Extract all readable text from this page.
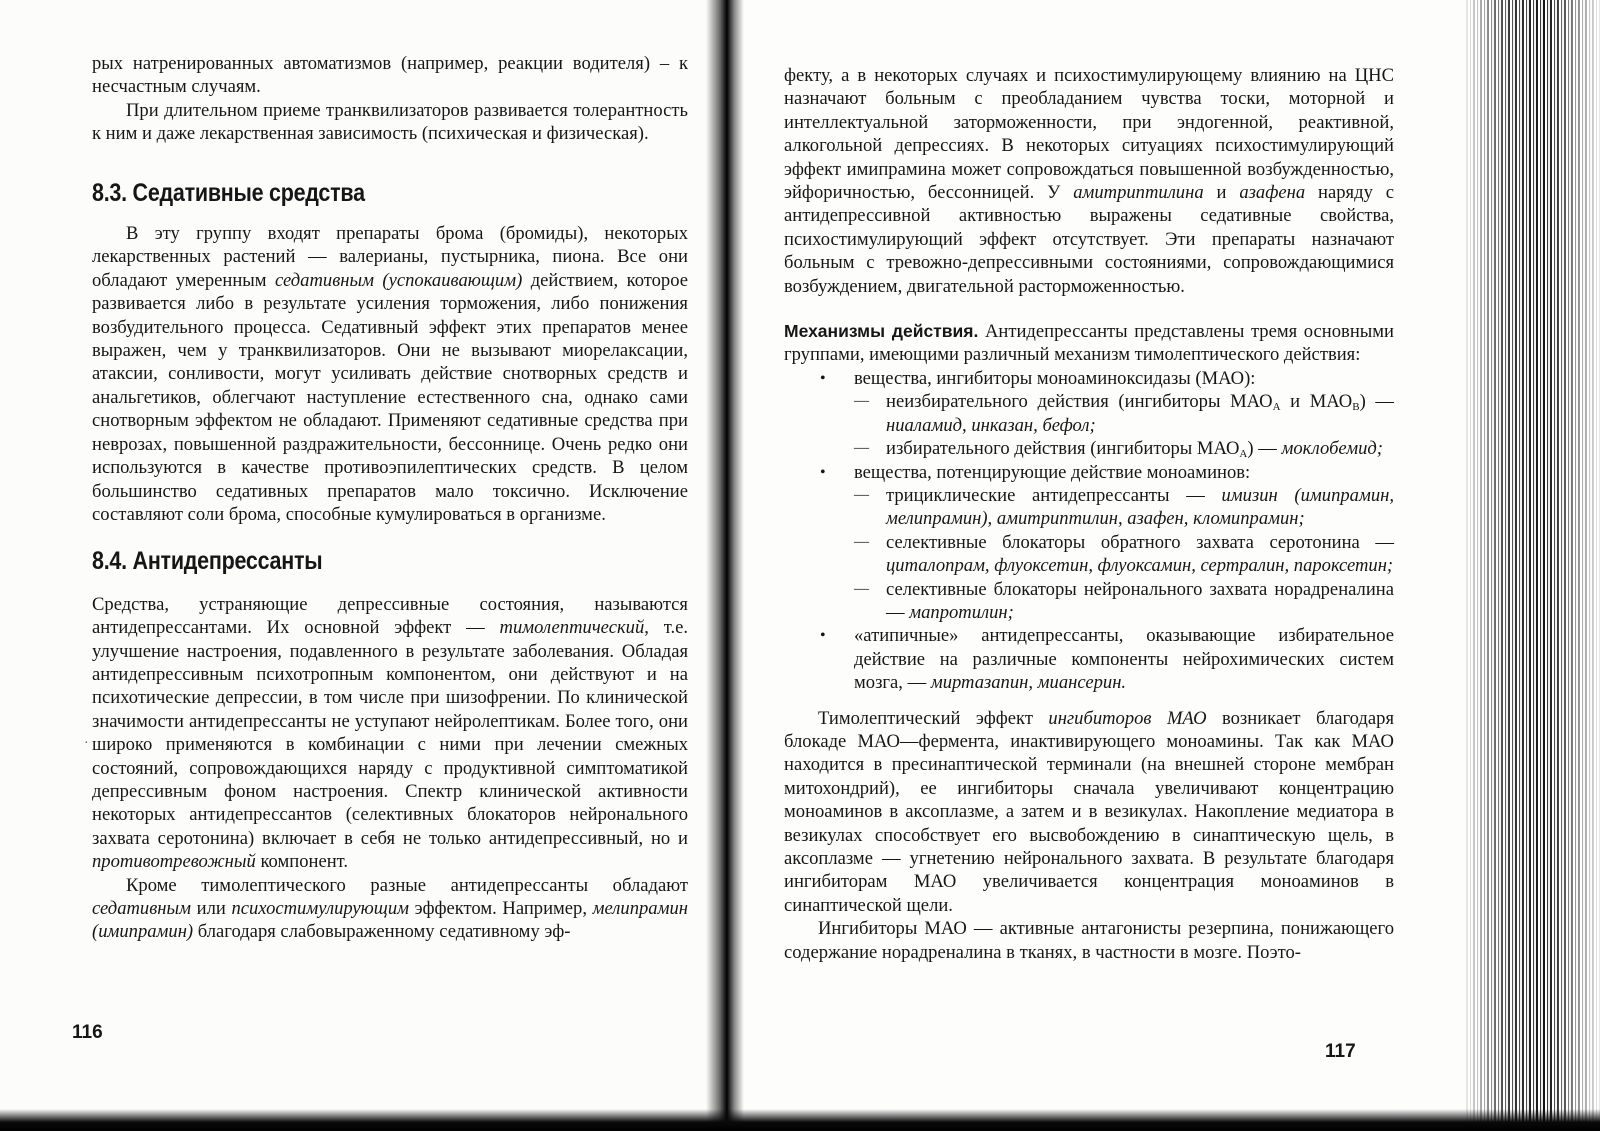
рых натренированных автоматизмов (например, реакции водителя) – к несчастным случаям.

При длительном приеме транквилизаторов развивается толерантность к ним и даже лекарственная зависимость (психическая и физическая).

8.3. Седативные средства

В эту группу входят препараты брома (бромиды), некоторых лекарственных растений — валерианы, пустырника, пиона. Все они обладают умеренным седативным (успокаивающим) действием, которое развивается либо в результате усиления торможения, либо понижения возбудительного процесса. Седативный эффект этих препаратов менее выражен, чем у транквилизаторов. Они не вызывают миорелаксации, атаксии, сонливости, могут усиливать действие снотворных средств и анальгетиков, облегчают наступление естественного сна, однако сами снотворным эффектом не обладают. Применяют седативные средства при неврозах, повышенной раздражительности, бессоннице. Очень редко они используются в качестве противоэпилептических средств. В целом большинство седативных препаратов мало токсично. Исключение составляют соли брома, способные кумулироваться в организме.

8.4. Антидепрессанты

Средства, устраняющие депрессивные состояния, называются антидепрессантами. Их основной эффект — тимолептический, т.е. улучшение настроения, подавленного в результате заболевания. Обладая антидепрессивным психотропным компонентом, они действуют и на психотические депрессии, в том числе при шизофрении. По клинической значимости антидепрессанты не уступают нейролептикам. Более того, они широко применяются в комбинации с ними при лечении смежных состояний, сопровождающихся наряду с продуктивной симптоматикой депрессивным фоном настроения. Спектр клинической активности некоторых антидепрессантов (селективных блокаторов нейронального захвата серотонина) включает в себя не только антидепрессивный, но и противотревожный компонент.

Кроме тимолептического разные антидепрессанты обладают седативным или психостимулирующим эффектом. Например, мелипрамин (имипрамин) благодаря слабовыраженному седативному эф-

116
·

фекту, а в некоторых случаях и психостимулирующему влиянию на ЦНС назначают больным с преобладанием чувства тоски, моторной и интеллектуальной заторможенности, при эндогенной, реактивной, алкогольной депрессиях. В некоторых ситуациях психостимулирующий эффект имипрамина может сопровождаться повышенной возбужденностью, эйфоричностью, бессонницей. У амитриптилина и азафена наряду с антидепрессивной активностью выражены седативные свойства, психостимулирующий эффект отсутствует. Эти препараты назначают больным с тревожно-депрессивными состояниями, сопровождающимися возбуждением, двигательной расторможенностью.

Механизмы действия. Антидепрессанты представлены тремя основными группами, имеющими различный механизм тимолептического действия:

• вещества, ингибиторы моноаминоксидазы (МАО):
— неизбирательного действия (ингибиторы $МАО_A$ и $МАО_B$) — ниаламид, инказан, бефол;
— избирательного действия (ингибиторы $МАО_A$) — моклобемид;
• вещества, потенцирующие действие моноаминов:
— трициклические антидепрессанты — имизин (имипрамин, мелипрамин), амитриптилин, азафен, кломипрамин;
— селективные блокаторы обратного захвата серотонина — циталопрам, флуоксетин, флуоксамин, сертралин, пароксетин;
— селективные блокаторы нейронального захвата норадреналина — мапротилин;
• «атипичные» антидепрессанты, оказывающие избирательное действие на различные компоненты нейрохимических систем мозга, — миртазапин, миансерин.

Тимолептический эффект ингибиторов МАО возникает благодаря блокаде МАО—фермента, инактивирующего моноамины. Так как МАО находится в пресинаптической терминали (на внешней стороне мембран митохондрий), ее ингибиторы сначала увеличивают концентрацию моноаминов в аксоплазме, а затем и в везикулах. Накопление медиатора в везикулах способствует его высвобождению в синаптическую щель, в аксоплазме — угнетению нейронального захвата. В результате благодаря ингибиторам МАО увеличивается концентрация моноаминов в синаптической щели.

Ингибиторы МАО — активные антагонисты резерпина, понижающего содержание норадреналина в тканях, в частности в мозге. Поэто-

117
